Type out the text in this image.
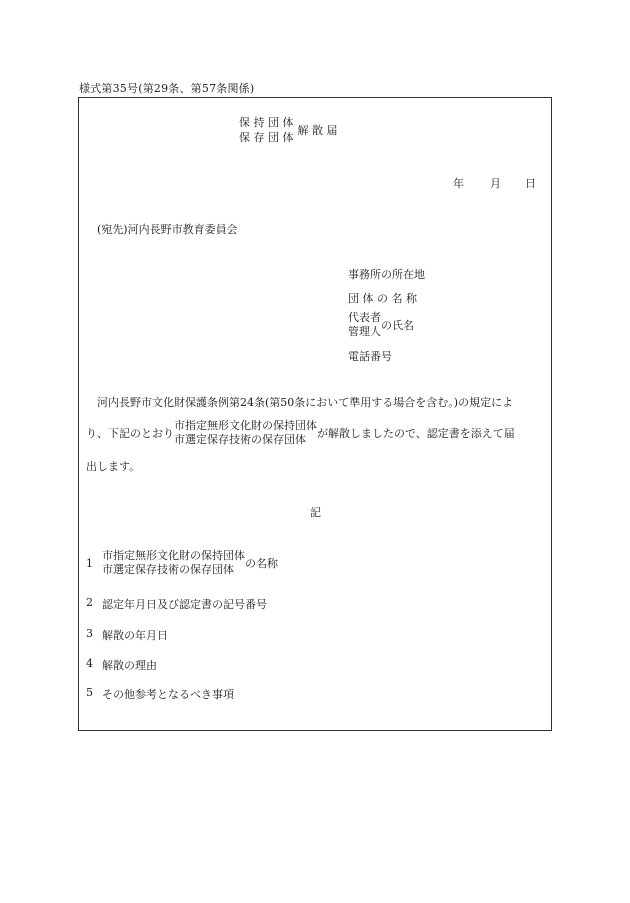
様式第35号(第29条、第57条関係)
保 持 団 体
保 存 団 体
解 散 届
年 月 日
(宛先)河内長野市教育委員会
事務所の所在地
団 体 の 名 称
代表者
管理人 の氏名
電話番号
河内長野市文化財保護条例第24条(第50条において準用する場合を含む。)の規定によ
り、下記のとおり
市指定無形文化財の保持団体
市選定保存技術の保存団体	が解散しましたので、認定書を添えて届
出します。
記
1
市指定無形文化財の保持団体
市選定保存技術の保存団体	の名称
2 認定年月日及び認定書の記号番号
3 解散の年月日
4 解散の理由
5 その他参考となるべき事項
